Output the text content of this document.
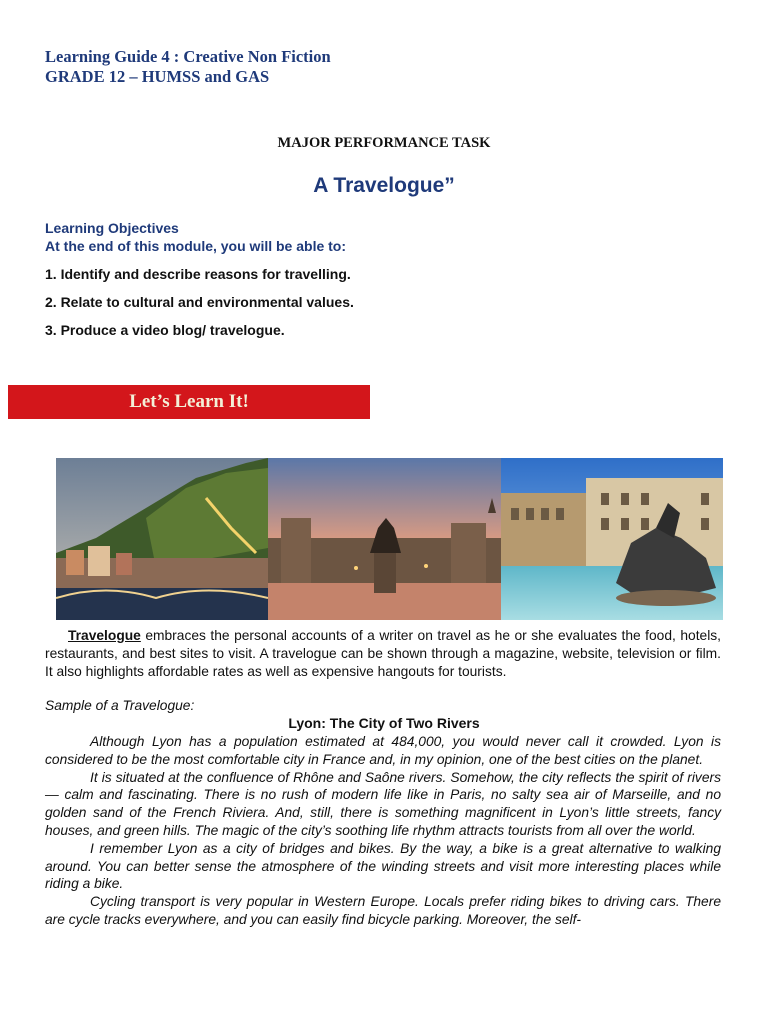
Learning Guide 4 : Creative Non Fiction
GRADE 12 – HUMSS and GAS
MAJOR PERFORMANCE TASK
A Travelogue”
Learning Objectives
At the end of this module, you will be able to:
1. Identify and describe reasons for travelling.
2. Relate to cultural and environmental values.
3. Produce a video blog/ travelogue.
Let’s Learn It!
Travelogue embraces the personal accounts of a writer on travel as he or she evaluates the food, hotels, restaurants, and best sites to visit. A travelogue can be shown through a magazine, website, television or film. It also highlights affordable rates as well as expensive hangouts for tourists.
Sample of a Travelogue:
Lyon: The City of Two Rivers

Although Lyon has a population estimated at 484,000, you would never call it crowded. Lyon is considered to be the most comfortable city in France and, in my opinion, one of the best cities on the planet.

It is situated at the confluence of Rhône and Saône rivers. Somehow, the city reflects the spirit of rivers — calm and fascinating. There is no rush of modern life like in Paris, no salty sea air of Marseille, and no golden sand of the French Riviera. And, still, there is something magnificent in Lyon’s little streets, fancy houses, and green hills. The magic of the city’s soothing life rhythm attracts tourists from all over the world.

I remember Lyon as a city of bridges and bikes. By the way, a bike is a great alternative to walking around. You can better sense the atmosphere of the winding streets and visit more interesting places while riding a bike.

Cycling transport is very popular in Western Europe. Locals prefer riding bikes to driving cars. There are cycle tracks everywhere, and you can easily find bicycle parking. Moreover, the self-
